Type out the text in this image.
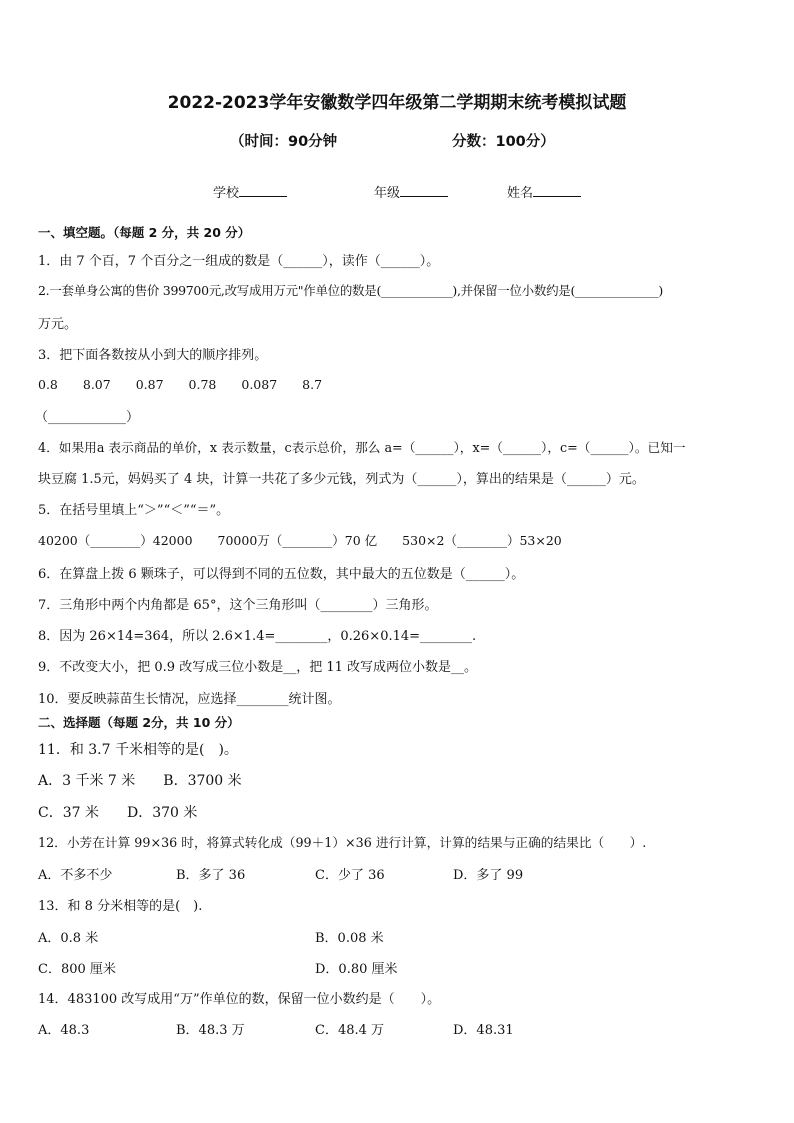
2022-2023学年安徽数学四年级第二学期期末统考模拟试题
（时间：90分钟	分数：100分）
学校	年级	姓名
一、填空题。（每题 2 分，共 20 分）
1．由 7 个百，7 个百分之一组成的数是（______），读作（______）。
2.一套单身公寓的售价 399700元,改写成用万元"作单位的数是(____________),并保留一位小数约是(______________)
万元。
3．把下面各数按从小到大的顺序排列。
0.8　　8.07　　0.87　　0.78　　0.087　　8.7
（____________）
4．如果用a 表示商品的单价，x 表示数量，c表示总价，那么 a=（______），x=（______），c=（______）。已知一
块豆腐 1.5元，妈妈买了 4 块，计算一共花了多少元钱，列式为（______），算出的结果是（______）元。
5．在括号里填上“＞”“＜”“＝”。
40200（________）42000　　70000万（________）70 亿　　530×2（________）53×20
6．在算盘上拨 6 颗珠子，可以得到不同的五位数，其中最大的五位数是（______）。
7．三角形中两个内角都是 65°，这个三角形叫（________）三角形。
8．因为 26×14=364，所以 2.6×1.4=________，0.26×0.14=________.
9．不改变大小，把 0.9 改写成三位小数是__，把 11 改写成两位小数是__。
10．要反映蒜苗生长情况，应选择________统计图。
二、选择题（每题 2分，共 10 分）
11．和 3.7 千米相等的是(　)。
A．3 千米 7 米　　B．3700 米
C．37 米　　D．370 米
12．小芳在计算 99×36 时，将算式转化成（99＋1）×36 进行计算，计算的结果与正确的结果比（　　）.
A．不多不少	B．多了 36	C．少了 36	D．多了 99
13．和 8 分米相等的是(　).
A．0.8 米	B．0.08 米
C．800 厘米	D．0.80 厘米
14．483100 改写成用“万”作单位的数，保留一位小数约是（　　）。
A．48.3	B．48.3 万	C．48.4 万	D．48.31
